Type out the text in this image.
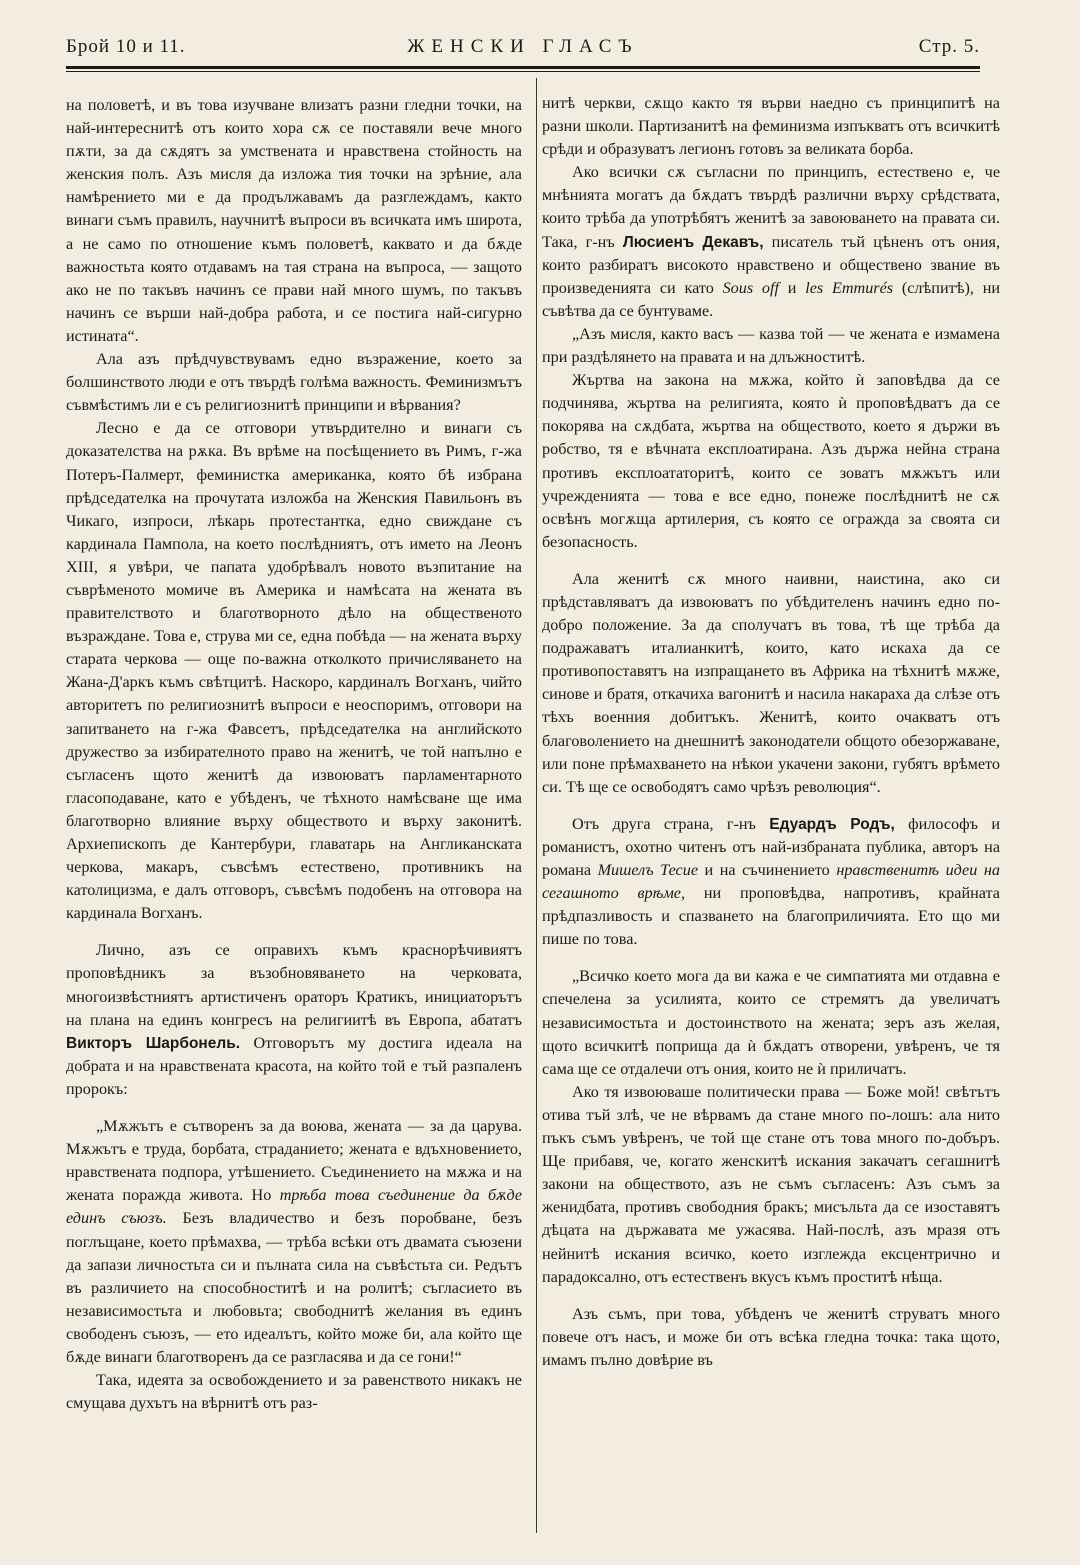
Брой 10 и 11.	ЖЕНСКИ ГЛАСЪ	Стр. 5.

на половетѣ, и въ това изучване влизатъ разни гледни точки, на най-интереснитѣ отъ които хора сѫ се поставяли вече много пѫти, за да сѫдятъ за умствената и нравствена стойность на женския полъ. Азъ мисля да изложа тия точки на зрѣние, ала намѣрението ми е да продължавамъ да разглеждамъ, както винаги съмъ правилъ, научнитѣ въпроси въ всичката имъ широта, а не само по отношение къмъ половетѣ, каквато и да бѫде важностьта която отдавамъ на тая страна на въпроса, — защото ако не по такъвъ начинъ се прави най много шумъ, по такъвъ начинъ се върши най-добра работа, и се постига най-сигурно истината“.

Ала азъ прѣдчувствувамъ едно възражение, което за болшинството люди е отъ твърдѣ голѣма важность. Феминизмътъ съвмѣстимъ ли е съ религиознитѣ принципи и вѣрвания?

Лесно е да се отговори утвърдително и винаги съ доказателства на рѫка. Въ врѣме на посѣщението въ Римъ, г-жа Потеръ-Палмерт, феминистка американка, която бѣ избрана прѣдседателка на прочутата изложба на Женския Павильонъ въ Чикаго, изпроси, лѣкарь протестантка, едно свиждане съ кардинала Пампола, на което послѣдниятъ, отъ името на Леонъ XIII, я увѣри, че папата удобрѣвалъ новото възпитание на съврѣменото момиче въ Америка и намѣсата на жената въ правителството и благотворното дѣло на общественото възраждане. Това е, струва ми се, една побѣда — на жената върху старата черкова — още по-важна отколкото причисляването на Жана-Д'аркъ къмъ свѣтцитѣ. Наскоро, кардиналъ Вогханъ, чийто авторитетъ по религиознитѣ въпроси е неоспоримъ, отговори на запитването на г-жа Фавсетъ, прѣдседателка на английското дружество за избирателното право на женитѣ, че той напълно е съгласенъ щото женитѣ да извоюватъ парламентарното гласоподаване, като е убѣденъ, че тѣхното намѣсване ще има благотворно влияние върху обществото и върху законитѣ. Архиепископъ де Кантербури, главатарь на Англиканската черкова, макаръ, съвсѣмъ естествено, противникъ на католицизма, е далъ отговоръ, съвсѣмъ подобенъ на отговора на кардинала Вогханъ.

Лично, азъ се оправихъ къмъ краснорѣчивиятъ проповѣдникъ за възобновяването на черковата, многоизвѣстниятъ артистиченъ ораторъ Кратикъ, инициаторътъ на плана на единъ конгресъ на религиитѣ въ Европа, абататъ Викторъ Шарбонель. Отговорътъ му достига идеала на добрата и на нравствената красота, на който той е тъй разпаленъ пророкъ:

„Мѫжътъ е сътворенъ за да воюва, жената — за да царува. Мѫжътъ е труда, борбата, страданието; жената е вдъхновението, нравствената подпора, утѣшението. Съединението на мѫжа и на жената поражда живота. Но трѣба това съединение да бѫде единъ съюзъ. Безъ владичество и безъ поробване, безъ поглъщане, което прѣмахва, — трѣба всѣки отъ двамата съюзени да запази личностьта си и пълната сила на съвѣстьта си. Редътъ въ различието на способноститѣ и на ролитѣ; съгласието въ независимостьта и любовьта; свободнитѣ желания въ единъ свободенъ съюзъ, — ето идеалътъ, който може би, ала който ще бѫде винаги благотворенъ да се разгласява и да се гони!“

Така, идеята за освобождението и за равенството никакъ не смущава духътъ на вѣрнитѣ отъ раз-

нитѣ черкви, сѫщо както тя върви наедно съ принципитѣ на разни школи. Партизанитѣ на феминизма изпъкватъ отъ всичкитѣ срѣди и образуватъ легионъ готовъ за великата борба.

Ако всички сѫ съгласни по принципъ, естествено е, че мнѣнията могатъ да бѫдатъ твърдѣ различни върху срѣдствата, които трѣба да употрѣбятъ женитѣ за завоюването на правата си. Така, г-нъ Люсиенъ Декавъ, писатель тъй цѣненъ отъ ония, които разбиратъ високото нравствено и обществено звание въ произведенията си като Sous off и les Emmurés (слѣпитѣ), ни съвѣтва да се бунтуваме.

„Азъ мисля, както васъ — казва той — че жената е измамена при раздѣлянето на правата и на длъжноститѣ.

Жъртва на закона на мѫжа, който ѝ заповѣдва да се подчинява, жъртва на религията, която ѝ проповѣдватъ да се покорява на сѫдбата, жъртва на обществото, което я държи въ робство, тя е вѣчната експлоатирана. Азъ държа нейна страна противъ експлоататоритѣ, които се зоватъ мѫжътъ или учрежденията — това е все едно, понеже послѣднитѣ не сѫ освѣнъ могѫща артилерия, съ която се огражда за своята си безопасность.

Ала женитѣ сѫ много наивни, наистина, ако си прѣдставляватъ да извоюватъ по убѣдителенъ начинъ едно по-добро положение. За да сполучатъ въ това, тѣ ще трѣба да подражаватъ италианкитѣ, които, като искаха да се противопоставятъ на изпращането въ Африка на тѣхнитѣ мѫже, синове и братя, откачиха вагонитѣ и насила накараха да слѣзе отъ тѣхъ военния добитъкъ. Женитѣ, които очакватъ отъ благоволението на днешнитѣ законодатели общото обезоржаване, или поне прѣмахването на нѣкои укачени закони, губятъ врѣмето си. Тѣ ще се освободятъ само чрѣзъ революция“.

Отъ друга страна, г-нъ Едуардъ Родъ, философъ и романистъ, охотно читенъ отъ най-избраната публика, авторъ на романа Мишелъ Тесие и на съчинението нравственитѣ идеи на сегашното врѣме, ни проповѣдва, напротивъ, крайната прѣдпазливость и спазването на благоприличията. Ето що ми пише по това.

„Всичко което мога да ви кажа е че симпатията ми отдавна е спечелена за усилията, които се стремятъ да увеличатъ независимостьта и достоинството на жената; зеръ азъ желая, щото всичкитѣ поприща да ѝ бѫдатъ отворени, увѣренъ, че тя сама ще се отдалечи отъ ония, които не ѝ приличатъ.

Ако тя извоюваше политически права — Боже мой! свѣтътъ отива тъй злѣ, че не вѣрвамъ да стане много по-лошъ: ала нито пъкъ съмъ увѣренъ, че той ще стане отъ това много по-добъръ. Ще прибавя, че, когато женскитѣ искания закачатъ сегашнитѣ закони на обществото, азъ не съмъ съгласенъ: Азъ съмъ за женидбата, противъ свободния бракъ; мисъльта да се изоставятъ дѣцата на държавата ме ужасява. Най-послѣ, азъ мразя отъ нейнитѣ искания всичко, което изглежда ексцентрично и парадоксално, отъ естественъ вкусъ къмъ проститѣ нѣща.

Азъ съмъ, при това, убѣденъ че женитѣ струватъ много повече отъ насъ, и може би отъ всѣка гледна точка: така щото, имамъ пълно довѣрие въ
